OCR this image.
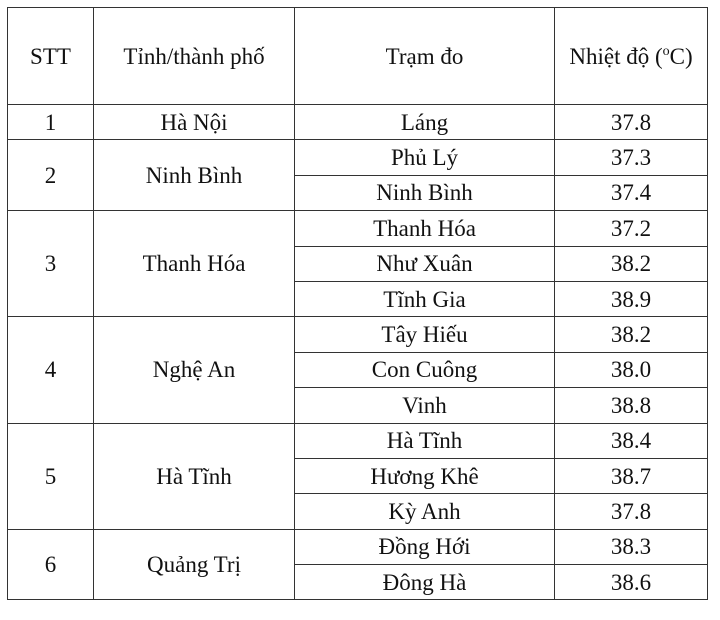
STT	Tỉnh/thành phố	Trạm đo	Nhiệt độ ($^o$C)
1	Hà Nội	Láng	37.8
2	Ninh Bình	Phủ Lý	37.3
		Ninh Bình	37.4
3	Thanh Hóa	Thanh Hóa	37.2
		Như Xuân	38.2
		Tĩnh Gia	38.9
4	Nghệ An	Tây Hiếu	38.2
		Con Cuông	38.0
		Vinh	38.8
5	Hà Tĩnh	Hà Tĩnh	38.4
		Hương Khê	38.7
		Kỳ Anh	37.8
6	Quảng Trị	Đồng Hới	38.3
		Đông Hà	38.6
